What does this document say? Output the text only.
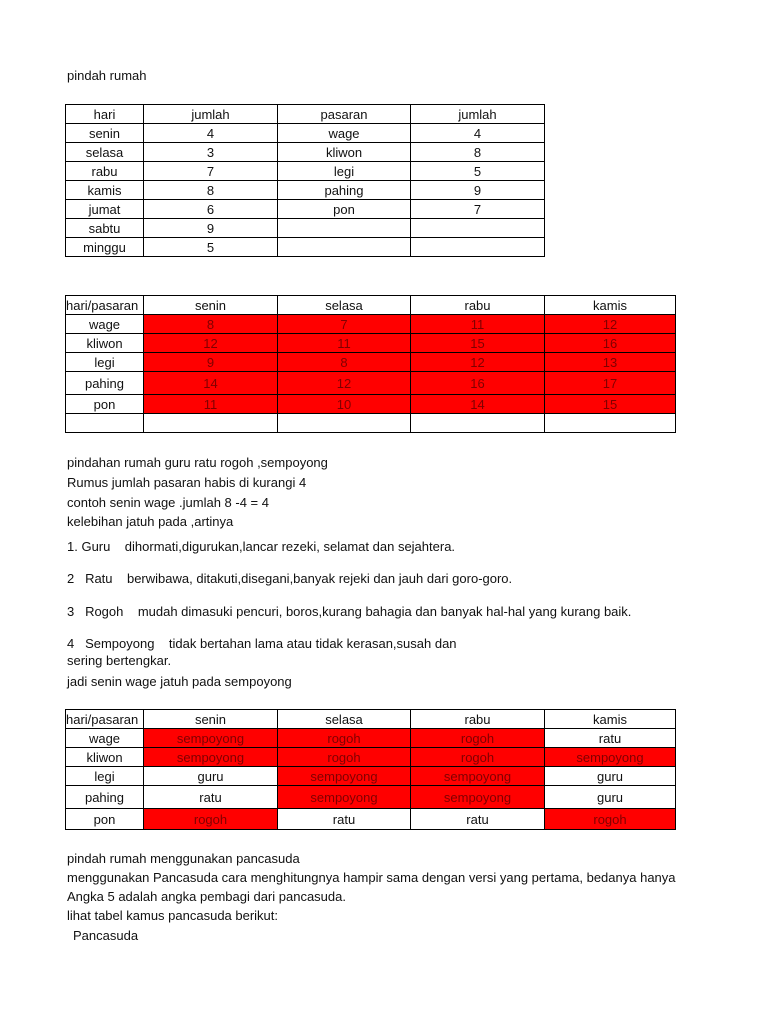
pindah rumah
hari	jumlah	pasaran	jumlah
senin	4	wage	4
selasa	3	kliwon	8
rabu	7	legi	5
kamis	8	pahing	9
jumat	6	pon	7
sabtu	9		
minggu	5		
hari/pasaran	senin	selasa	rabu	kamis
wage	8	7	11	12
kliwon	12	11	15	16
legi	9	8	12	13
pahing	14	12	16	17
pon	11	10	14	15

pindahan rumah guru ratu rogoh ,sempoyong
Rumus jumlah pasaran habis di kurangi 4
contoh senin wage .jumlah 8 -4 = 4
kelebihan jatuh pada ,artinya
1. Guru    dihormati,digurukan,lancar rezeki, selamat dan sejahtera.
2   Ratu    berwibawa, ditakuti,disegani,banyak rejeki dan jauh dari goro-goro.
3   Rogoh    mudah dimasuki pencuri, boros,kurang bahagia dan banyak hal-hal yang kurang baik.
4   Sempoyong    tidak bertahan lama atau tidak kerasan,susah dan
sering bertengkar.
jadi senin wage jatuh pada sempoyong
hari/pasaran	senin	selasa	rabu	kamis
wage	sempoyong	rogoh	rogoh	ratu
kliwon	sempoyong	rogoh	rogoh	sempoyong
legi	guru	sempoyong	sempoyong	guru
pahing	ratu	sempoyong	sempoyong	guru
pon	rogoh	ratu	ratu	rogoh
pindah rumah menggunakan pancasuda
menggunakan Pancasuda cara menghitungnya hampir sama dengan versi yang pertama, bedanya hanya
Angka 5 adalah angka pembagi dari pancasuda.
lihat tabel kamus pancasuda berikut:
Pancasuda
